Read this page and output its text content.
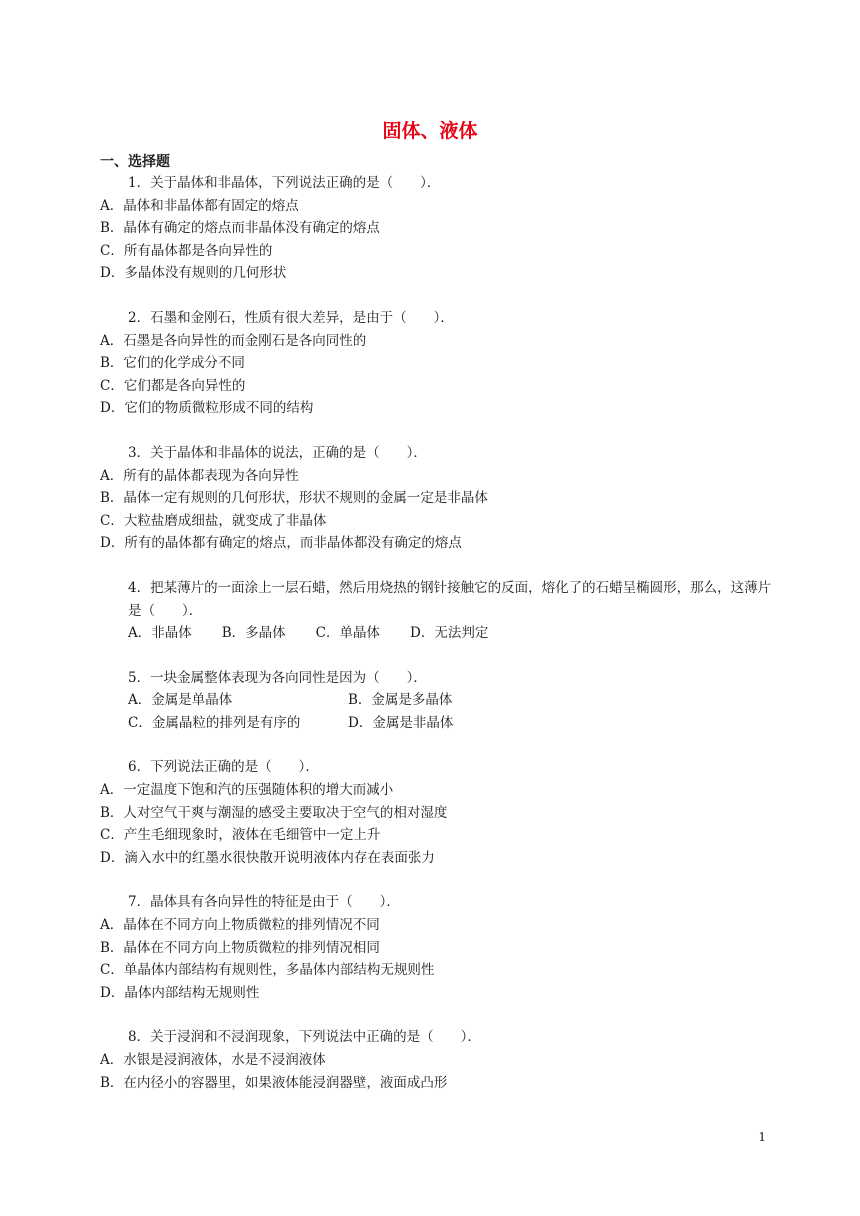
固体、液体
一、选择题
1．关于晶体和非晶体，下列说法正确的是（　　）．
A．晶体和非晶体都有固定的熔点
B．晶体有确定的熔点而非晶体没有确定的熔点
C．所有晶体都是各向异性的
D．多晶体没有规则的几何形状
2．石墨和金刚石，性质有很大差异，是由于（　　）．
A．石墨是各向异性的而金刚石是各向同性的
B．它们的化学成分不同
C．它们都是各向异性的
D．它们的物质微粒形成不同的结构
3．关于晶体和非晶体的说法，正确的是（　　）．
A．所有的晶体都表现为各向异性
B．晶体一定有规则的几何形状，形状不规则的金属一定是非晶体
C．大粒盐磨成细盐，就变成了非晶体
D．所有的晶体都有确定的熔点，而非晶体都没有确定的熔点
4．把某薄片的一面涂上一层石蜡，然后用烧热的钢针接触它的反面，熔化了的石蜡呈椭圆形，那么，这薄片是（　　）．
A．非晶体 B．多晶体 C．单晶体 D．无法判定
5．一块金属整体表现为各向同性是因为（　　）．
A．金属是单晶体	B．金属是多晶体
C．金属晶粒的排列是有序的	D．金属是非晶体
6．下列说法正确的是（　　）．
A．一定温度下饱和汽的压强随体积的增大而减小
B．人对空气干爽与潮湿的感受主要取决于空气的相对湿度
C．产生毛细现象时，液体在毛细管中一定上升
D．滴入水中的红墨水很快散开说明液体内存在表面张力
7．晶体具有各向异性的特征是由于（　　）．
A．晶体在不同方向上物质微粒的排列情况不同
B．晶体在不同方向上物质微粒的排列情况相同
C．单晶体内部结构有规则性，多晶体内部结构无规则性
D．晶体内部结构无规则性
8．关于浸润和不浸润现象，下列说法中正确的是（　　）．
A．水银是浸润液体，水是不浸润液体
B．在内径小的容器里，如果液体能浸润器壁，液面成凸形
1
